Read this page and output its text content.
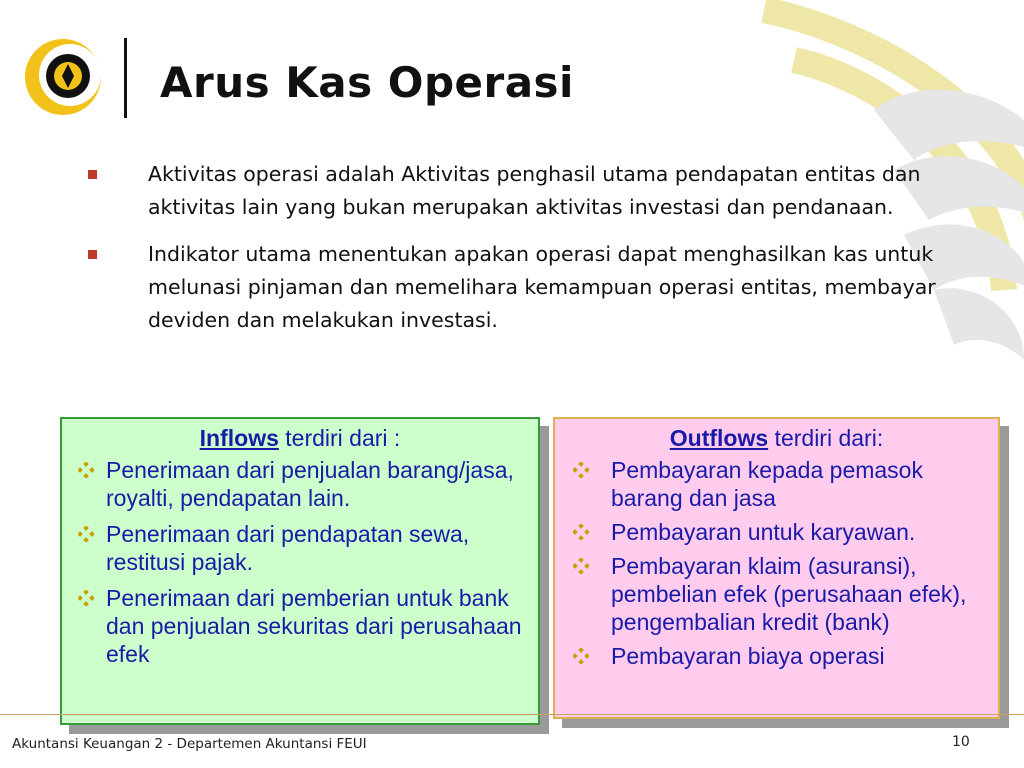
Arus Kas Operasi
Aktivitas operasi adalah Aktivitas penghasil utama pendapatan entitas dan aktivitas lain yang bukan merupakan aktivitas investasi dan pendanaan.
Indikator utama menentukan apakan operasi dapat menghasilkan kas untuk melunasi pinjaman dan memelihara kemampuan operasi entitas, membayar deviden dan melakukan investasi.
Inflows terdiri dari :
Penerimaan dari penjualan barang/jasa, royalti, pendapatan lain.
Penerimaan dari pendapatan sewa, restitusi pajak.
Penerimaan dari pemberian untuk bank dan penjualan sekuritas dari perusahaan efek
Outflows terdiri dari:
Pembayaran kepada pemasok barang dan jasa
Pembayaran untuk karyawan.
Pembayaran klaim (asuransi), pembelian efek (perusahaan efek), pengembalian kredit (bank)
Pembayaran biaya operasi
Akuntansi Keuangan 2 - Departemen Akuntansi FEUI	10
